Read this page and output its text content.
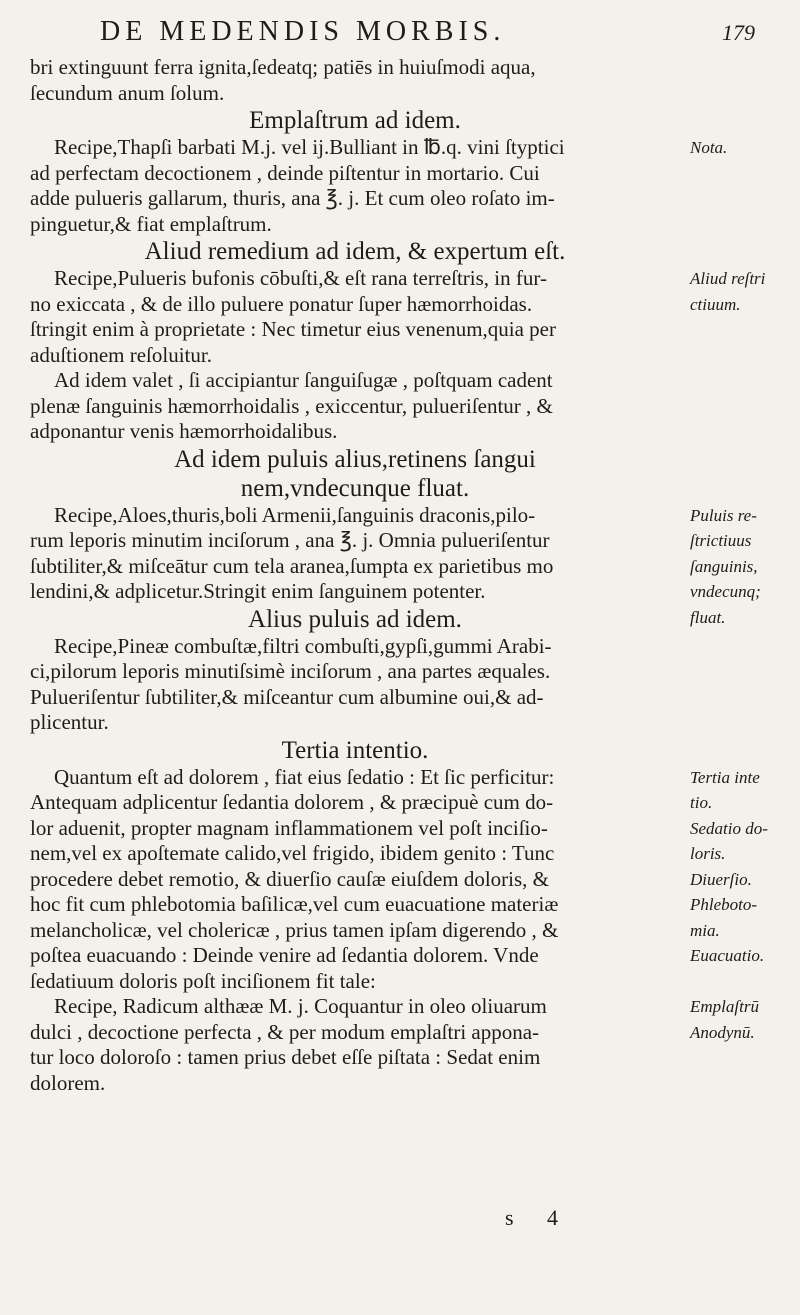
DE MEDENDIS MORBIS.	179
bri extinguunt ferra ignita,ſedeatq; patiēs in huiuſmodi aqua,
ſecundum anum ſolum.
Emplaſtrum ad idem.
Recipe,Thapſi barbati M.j. vel ij.Bulliant in ℔.q. vini ſtyptici
ad perfectam decoctionem , deinde piſtentur in mortario. Cui
adde pulueris gallarum, thuris, ana ℥. j. Et cum oleo roſato im-
pinguetur,& fiat emplaſtrum.
Aliud remedium ad idem, & expertum eſt.
Recipe,Pulueris bufonis cōbuſti,& eſt rana terreſtris, in fur-
no exiccata , & de illo puluere ponatur ſuper hæmorrhoidas.
ſtringit enim à proprietate : Nec timetur eius venenum,quia per
aduſtionem reſoluitur.
Ad idem valet , ſi accipiantur ſanguiſugæ , poſtquam cadent
plenæ ſanguinis hæmorrhoidalis , exiccentur, pulueriſentur , &
adponantur venis hæmorrhoidalibus.
Ad idem puluis alius,retinens ſangui
nem,vndecunque fluat.
Recipe,Aloes,thuris,boli Armenii,ſanguinis draconis,pilo-
rum leporis minutim inciſorum , ana ℥. j. Omnia pulueriſentur
ſubtiliter,& miſceātur cum tela aranea,ſumpta ex parietibus mo
lendini,& adplicetur.Stringit enim ſanguinem potenter.
Alius puluis ad idem.
Recipe,Pineæ combuſtæ,filtri combuſti,gypſi,gummi Arabi-
ci,pilorum leporis minutiſsimè inciſorum , ana partes æquales.
Pulueriſentur ſubtiliter,& miſceantur cum albumine oui,& ad-
plicentur.
Tertia intentio.
Quantum eſt ad dolorem , fiat eius ſedatio : Et ſic perficitur:
Antequam adplicentur ſedantia dolorem , & præcipuè cum do-
lor aduenit, propter magnam inflammationem vel poſt inciſio-
nem,vel ex apoſtemate calido,vel frigido, ibidem genito : Tunc
procedere debet remotio, & diuerſio cauſæ eiuſdem doloris, &
hoc fit cum phlebotomia baſilicæ,vel cum euacuatione materiæ
melancholicæ, vel cholericæ , prius tamen ipſam digerendo , &
poſtea euacuando : Deinde venire ad ſedantia dolorem. Vnde
ſedatiuum doloris poſt inciſionem fit tale:
Recipe, Radicum althææ M. j. Coquantur in oleo oliuarum
dulci , decoctione perfecta , & per modum emplaſtri appona-
tur loco doloroſo : tamen prius debet eſſe piſtata : Sedat enim
dolorem.
Nota.
Aliud reſtri
ctiuum.
Puluis re-
ſtrictiuus
ſanguinis,
vndecunq;
fluat.
Tertia inte
tio.
Sedatio do-
loris.
Diuerſio.
Phleboto-
mia.
Euacuatio.
Emplaſtrū
Anodynū.
s 4
